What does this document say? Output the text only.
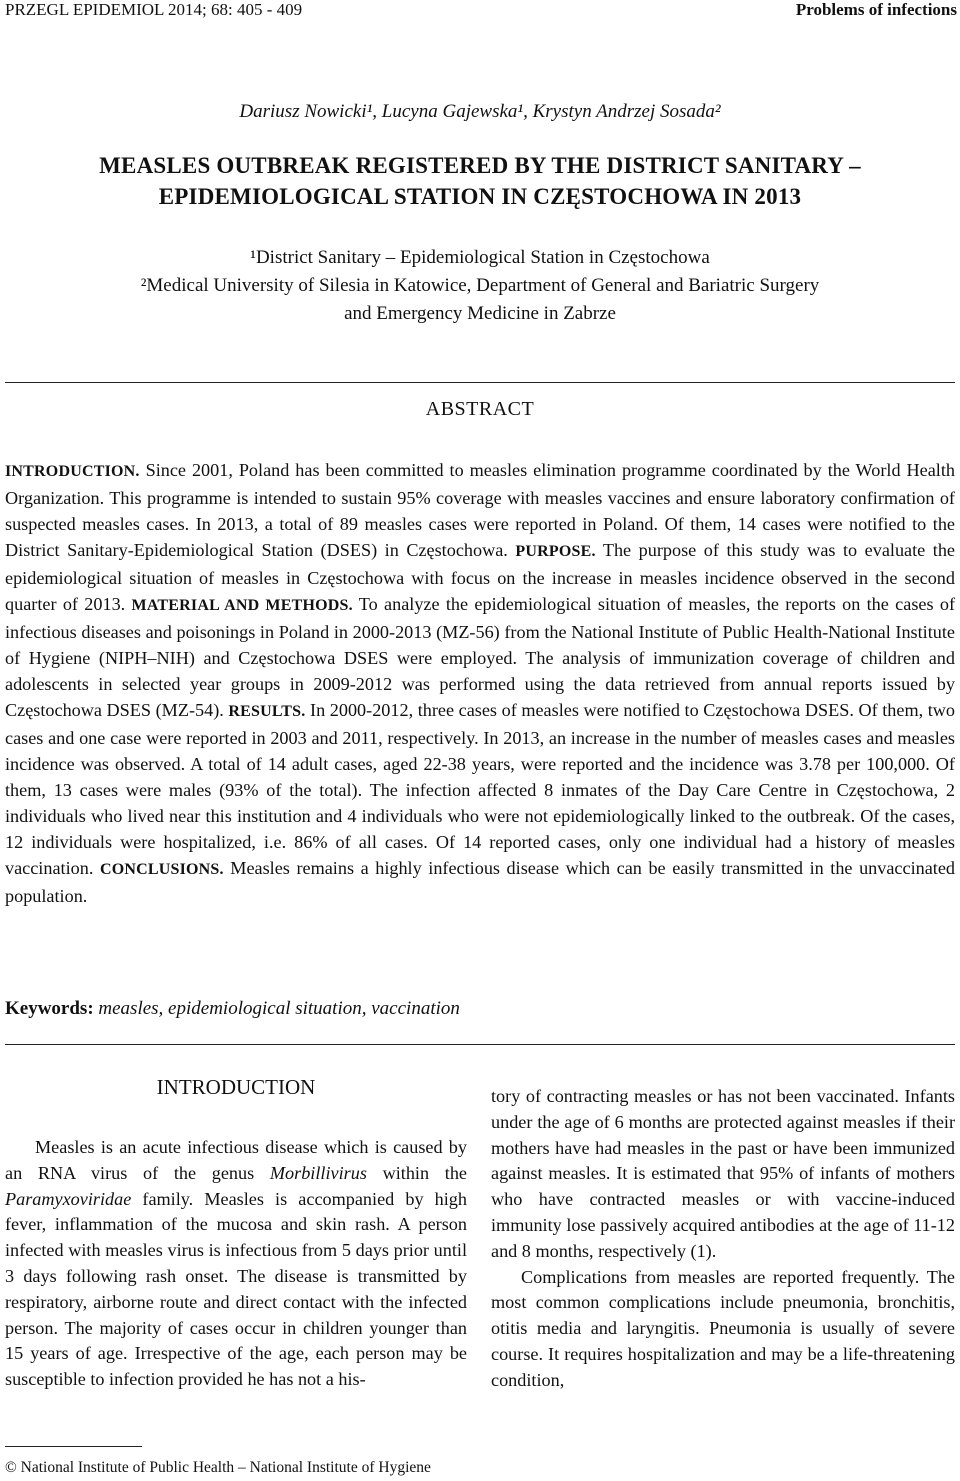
PRZEGL EPIDEMIOL 2014; 68: 405 - 409	Problems of infections
Dariusz Nowicki¹, Lucyna Gajewska¹, Krystyn Andrzej Sosada²
MEASLES OUTBREAK REGISTERED BY THE DISTRICT SANITARY –
EPIDEMIOLOGICAL STATION IN CZĘSTOCHOWA IN 2013
¹District Sanitary – Epidemiological Station in Częstochowa
²Medical University of Silesia in Katowice, Department of General and Bariatric Surgery
and Emergency Medicine in Zabrze
ABSTRACT
INTRODUCTION. Since 2001, Poland has been committed to measles elimination programme coordinated by the World Health Organization. This programme is intended to sustain 95% coverage with measles vaccines and ensure laboratory confirmation of suspected measles cases. In 2013, a total of 89 measles cases were reported in Poland. Of them, 14 cases were notified to the District Sanitary-Epidemiological Station (DSES) in Częstochowa. PURPOSE. The purpose of this study was to evaluate the epidemiological situation of measles in Częstochowa with focus on the increase in measles incidence observed in the second quarter of 2013. MATERIAL AND METHODS. To analyze the epidemiological situation of measles, the reports on the cases of infectious diseases and poisonings in Poland in 2000-2013 (MZ-56) from the National Institute of Public Health-National Institute of Hygiene (NIPH–NIH) and Częstochowa DSES were employed. The analysis of immunization coverage of children and adolescents in selected year groups in 2009-2012 was performed using the data retrieved from annual reports issued by Częstochowa DSES (MZ-54). RESULTS. In 2000-2012, three cases of measles were notified to Częstochowa DSES. Of them, two cases and one case were reported in 2003 and 2011, respectively. In 2013, an increase in the number of measles cases and measles incidence was observed. A total of 14 adult cases, aged 22-38 years, were reported and the incidence was 3.78 per 100,000. Of them, 13 cases were males (93% of the total). The infection affected 8 inmates of the Day Care Centre in Częstochowa, 2 individuals who lived near this institution and 4 individuals who were not epidemiologically linked to the outbreak. Of the cases, 12 individuals were hospitalized, i.e. 86% of all cases. Of 14 reported cases, only one individual had a history of measles vaccination. CONCLUSIONS. Measles remains a highly infectious disease which can be easily transmitted in the unvaccinated population.
Keywords: measles, epidemiological situation, vaccination
INTRODUCTION

Measles is an acute infectious disease which is caused by an RNA virus of the genus Morbillivirus within the Paramyxoviridae family. Measles is accompanied by high fever, inflammation of the mucosa and skin rash. A person infected with measles virus is infectious from 5 days prior until 3 days following rash onset. The disease is transmitted by respiratory, airborne route and direct contact with the infected person. The majority of cases occur in children younger than 15 years of age. Irrespective of the age, each person may be susceptible to infection provided he has not a his-

tory of contracting measles or has not been vaccinated. Infants under the age of 6 months are protected against measles if their mothers have had measles in the past or have been immunized against measles. It is estimated that 95% of infants of mothers who have contracted measles or with vaccine-induced immunity lose passively acquired antibodies at the age of 11-12 and 8 months, respectively (1).

Complications from measles are reported frequently. The most common complications include pneumonia, bronchitis, otitis media and laryngitis. Pneumonia is usually of severe course. It requires hospitalization and may be a life-threatening condition,

© National Institute of Public Health – National Institute of Hygiene
